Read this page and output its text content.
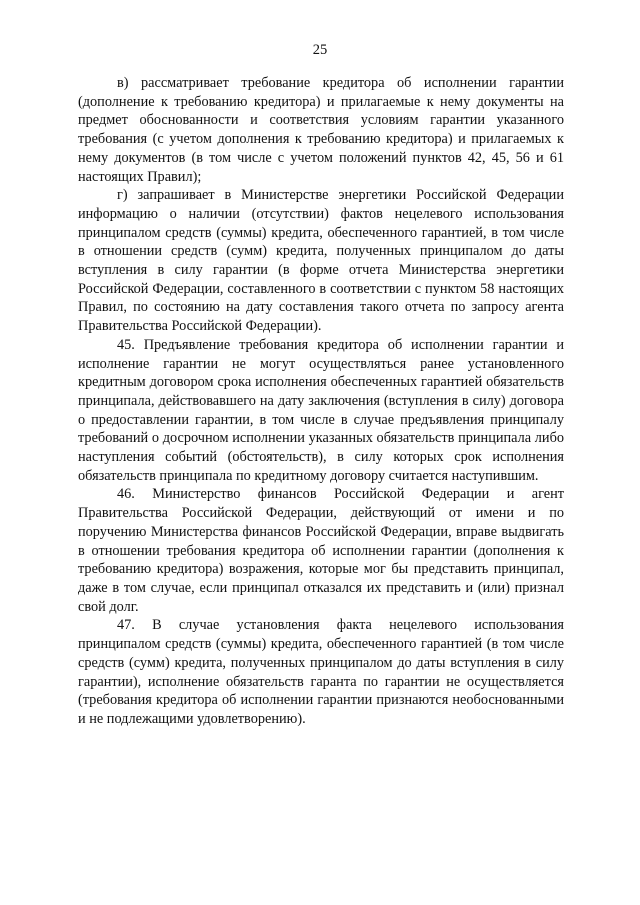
25

в) рассматривает требование кредитора об исполнении гарантии (дополнение к требованию кредитора) и прилагаемые к нему документы на предмет обоснованности и соответствия условиям гарантии указанного требования (с учетом дополнения к требованию кредитора) и прилагаемых к нему документов (в том числе с учетом положений пунктов 42, 45, 56 и 61 настоящих Правил);

г) запрашивает в Министерстве энергетики Российской Федерации информацию о наличии (отсутствии) фактов нецелевого использования принципалом средств (суммы) кредита, обеспеченного гарантией, в том числе в отношении средств (сумм) кредита, полученных принципалом до даты вступления в силу гарантии (в форме отчета Министерства энергетики Российской Федерации, составленного в соответствии с пунктом 58 настоящих Правил, по состоянию на дату составления такого отчета по запросу агента Правительства Российской Федерации).

45. Предъявление требования кредитора об исполнении гарантии и исполнение гарантии не могут осуществляться ранее установленного кредитным договором срока исполнения обеспеченных гарантией обязательств принципала, действовавшего на дату заключения (вступления в силу) договора о предоставлении гарантии, в том числе в случае предъявления принципалу требований о досрочном исполнении указанных обязательств принципала либо наступления событий (обстоятельств), в силу которых срок исполнения обязательств принципала по кредитному договору считается наступившим.

46. Министерство финансов Российской Федерации и агент Правительства Российской Федерации, действующий от имени и по поручению Министерства финансов Российской Федерации, вправе выдвигать в отношении требования кредитора об исполнении гарантии (дополнения к требованию кредитора) возражения, которые мог бы представить принципал, даже в том случае, если принципал отказался их представить и (или) признал свой долг.

47. В случае установления факта нецелевого использования принципалом средств (суммы) кредита, обеспеченного гарантией (в том числе средств (сумм) кредита, полученных принципалом до даты вступления в силу гарантии), исполнение обязательств гаранта по гарантии не осуществляется (требования кредитора об исполнении гарантии признаются необоснованными и не подлежащими удовлетворению).
